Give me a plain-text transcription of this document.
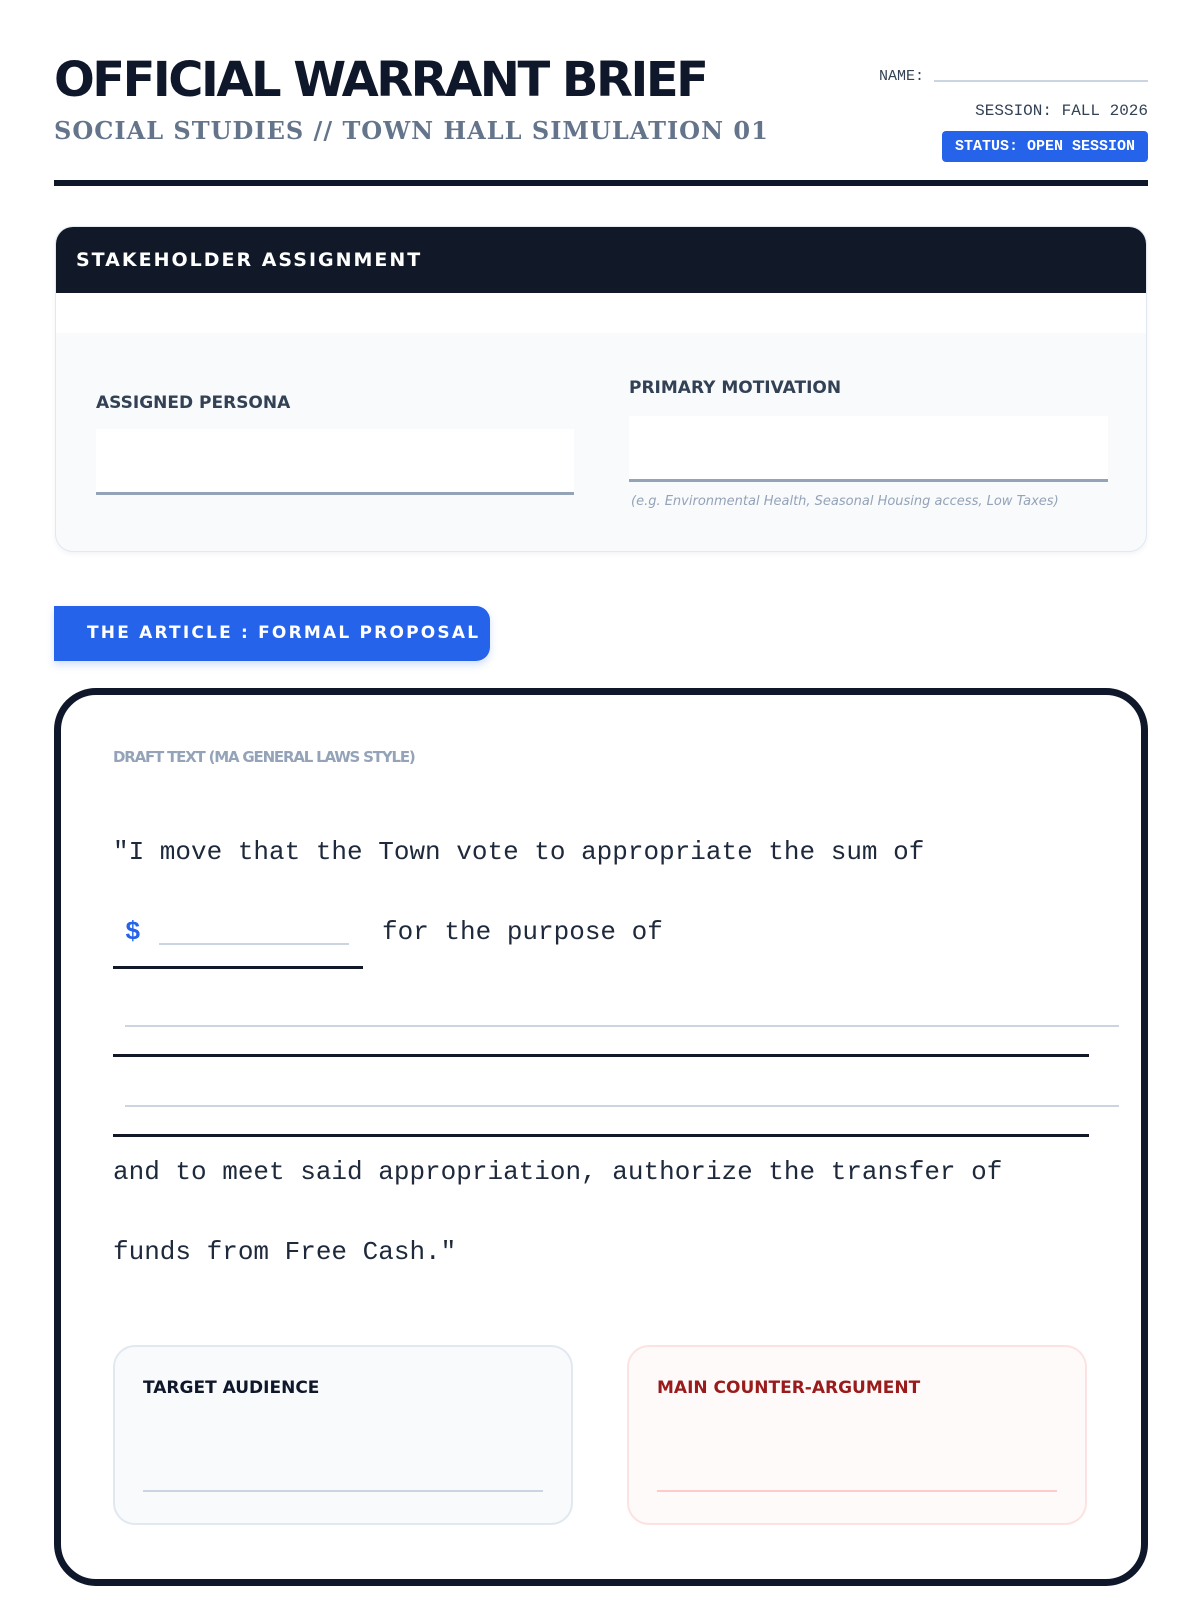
OFFICIAL WARRANT BRIEF
SOCIAL STUDIES // TOWN HALL SIMULATION 01
NAME:
SESSION: FALL 2026
STATUS: OPEN SESSION
STAKEHOLDER ASSIGNMENT
ASSIGNED PERSONA
PRIMARY MOTIVATION
(e.g. Environmental Health, Seasonal Housing access, Low Taxes)
THE ARTICLE : FORMAL PROPOSAL
DRAFT TEXT (MA GENERAL LAWS STYLE)
"I move that the Town vote to appropriate the sum of
$	for the purpose of
and to meet said appropriation, authorize the transfer of
funds from Free Cash."
TARGET AUDIENCE	MAIN COUNTER-ARGUMENT
